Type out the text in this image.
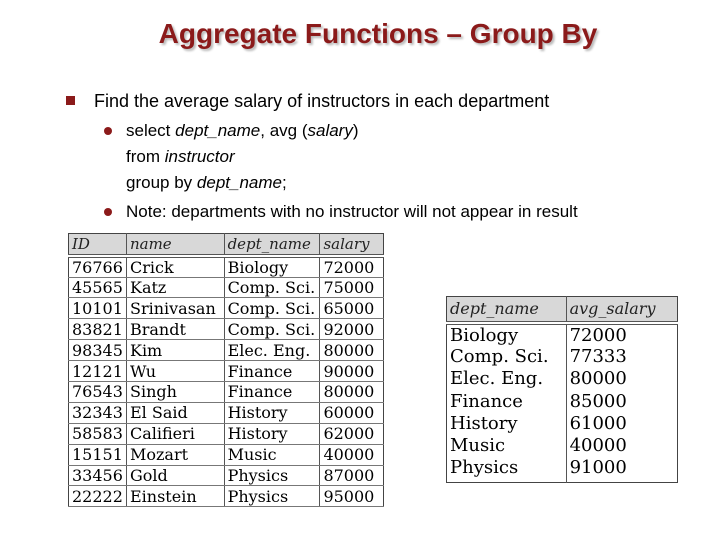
Aggregate Functions – Group By
Find the average salary of instructors in each department
select dept_name, avg (salary)
from instructor
group by dept_name;
Note: departments with no instructor will not appear in result
ID	name	dept_name	salary
76766	Crick	Biology	72000
45565	Katz	Comp. Sci.	75000
10101	Srinivasan	Comp. Sci.	65000
83821	Brandt	Comp. Sci.	92000
98345	Kim	Elec. Eng.	80000
12121	Wu	Finance	90000
76543	Singh	Finance	80000
32343	El Said	History	60000
58583	Califieri	History	62000
15151	Mozart	Music	40000
33456	Gold	Physics	87000
22222	Einstein	Physics	95000
dept_name	avg_salary
Biology	72000
Comp. Sci.	77333
Elec. Eng.	80000
Finance	85000
History	61000
Music	40000
Physics	91000
